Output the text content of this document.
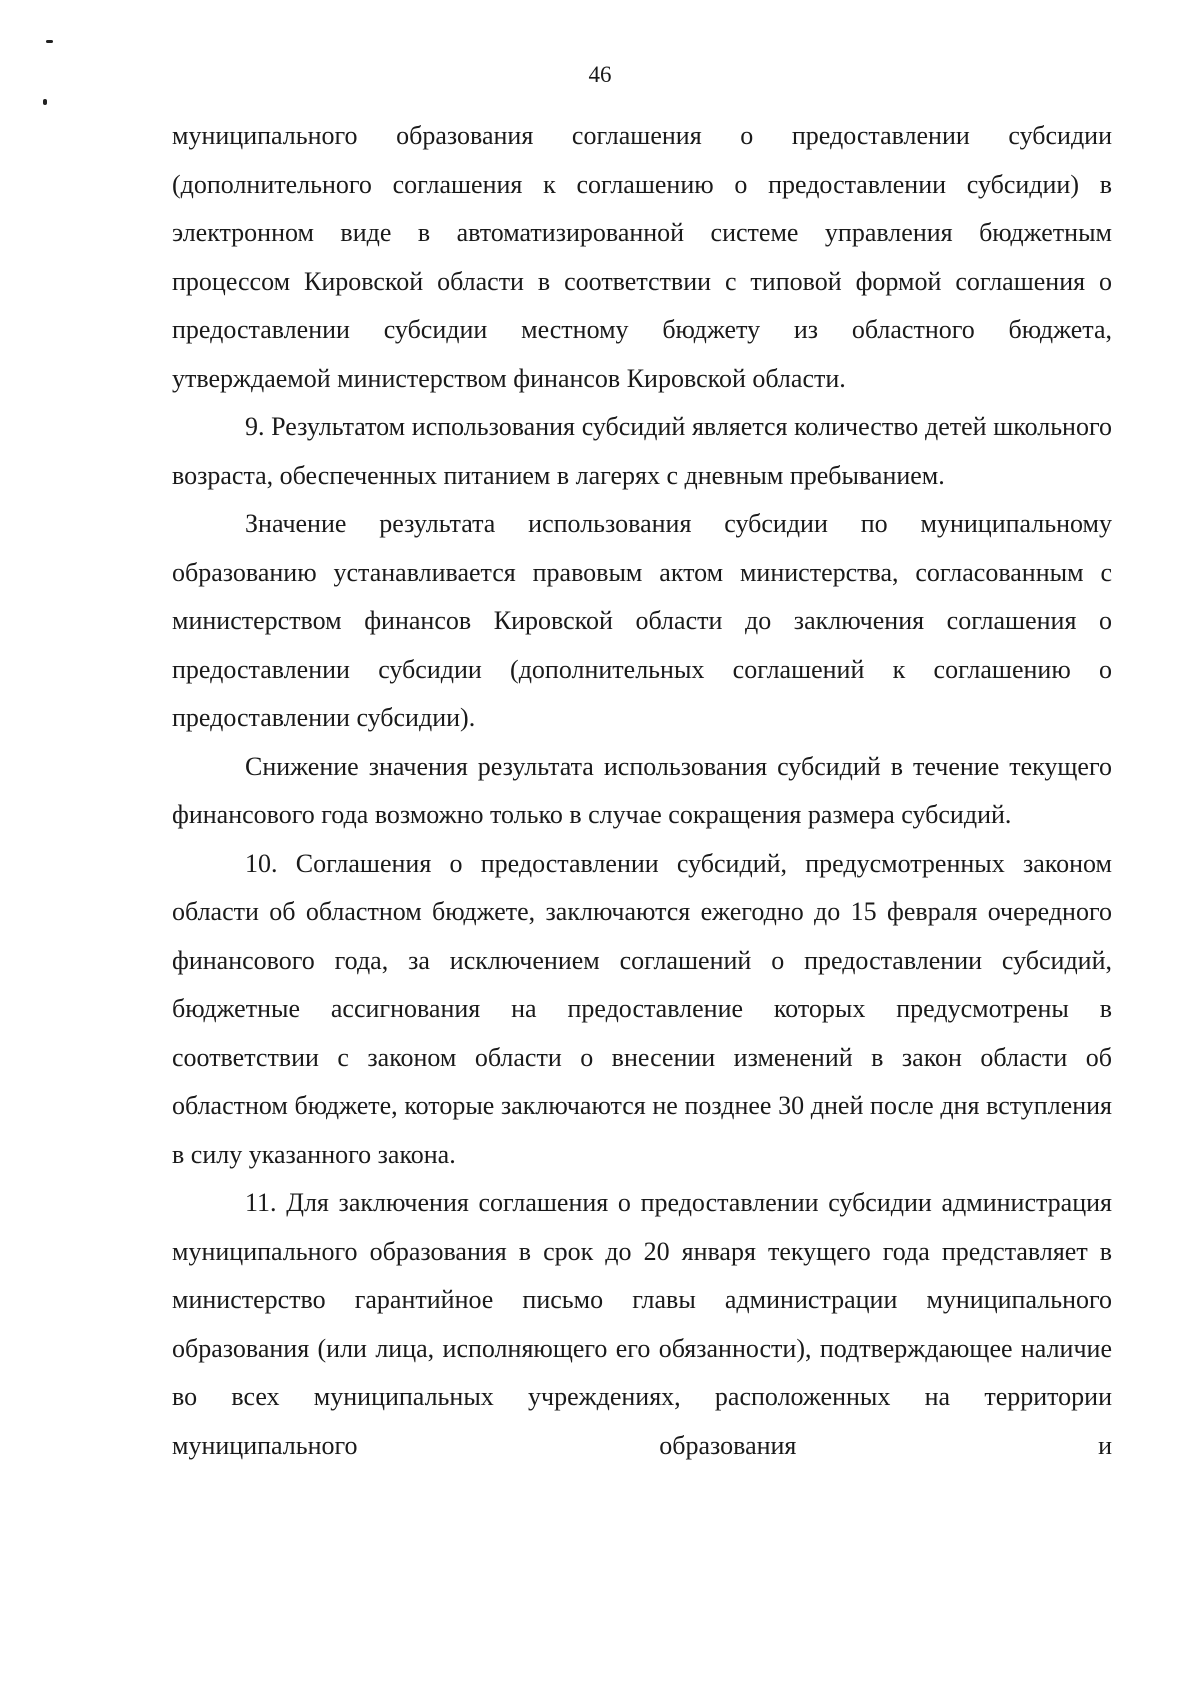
46

муниципального образования соглашения о предоставлении субсидии (дополнительного соглашения к соглашению о предоставлении субсидии) в электронном виде в автоматизированной системе управления бюджетным процессом Кировской области в соответствии с типовой формой соглашения о предоставлении субсидии местному бюджету из областного бюджета, утверждаемой министерством финансов Кировской области.

9. Результатом использования субсидий является количество детей школьного возраста, обеспеченных питанием в лагерях с дневным пребыванием.

Значение результата использования субсидии по муниципальному образованию устанавливается правовым актом министерства, согласованным с министерством финансов Кировской области до заключения соглашения о предоставлении субсидии (дополнительных соглашений к соглашению о предоставлении субсидии).

Снижение значения результата использования субсидий в течение текущего финансового года возможно только в случае сокращения размера субсидий.

10. Соглашения о предоставлении субсидий, предусмотренных законом области об областном бюджете, заключаются ежегодно до 15 февраля очередного финансового года, за исключением соглашений о предоставлении субсидий, бюджетные ассигнования на предоставление которых предусмотрены в соответствии с законом области о внесении изменений в закон области об областном бюджете, которые заключаются не позднее 30 дней после дня вступления в силу указанного закона.

11. Для заключения соглашения о предоставлении субсидии администрация муниципального образования в срок до 20 января текущего года представляет в министерство гарантийное письмо главы администрации муниципального образования (или лица, исполняющего его обязанности), подтверждающее наличие во всех муниципальных учреждениях, расположенных на территории муниципального образования и
